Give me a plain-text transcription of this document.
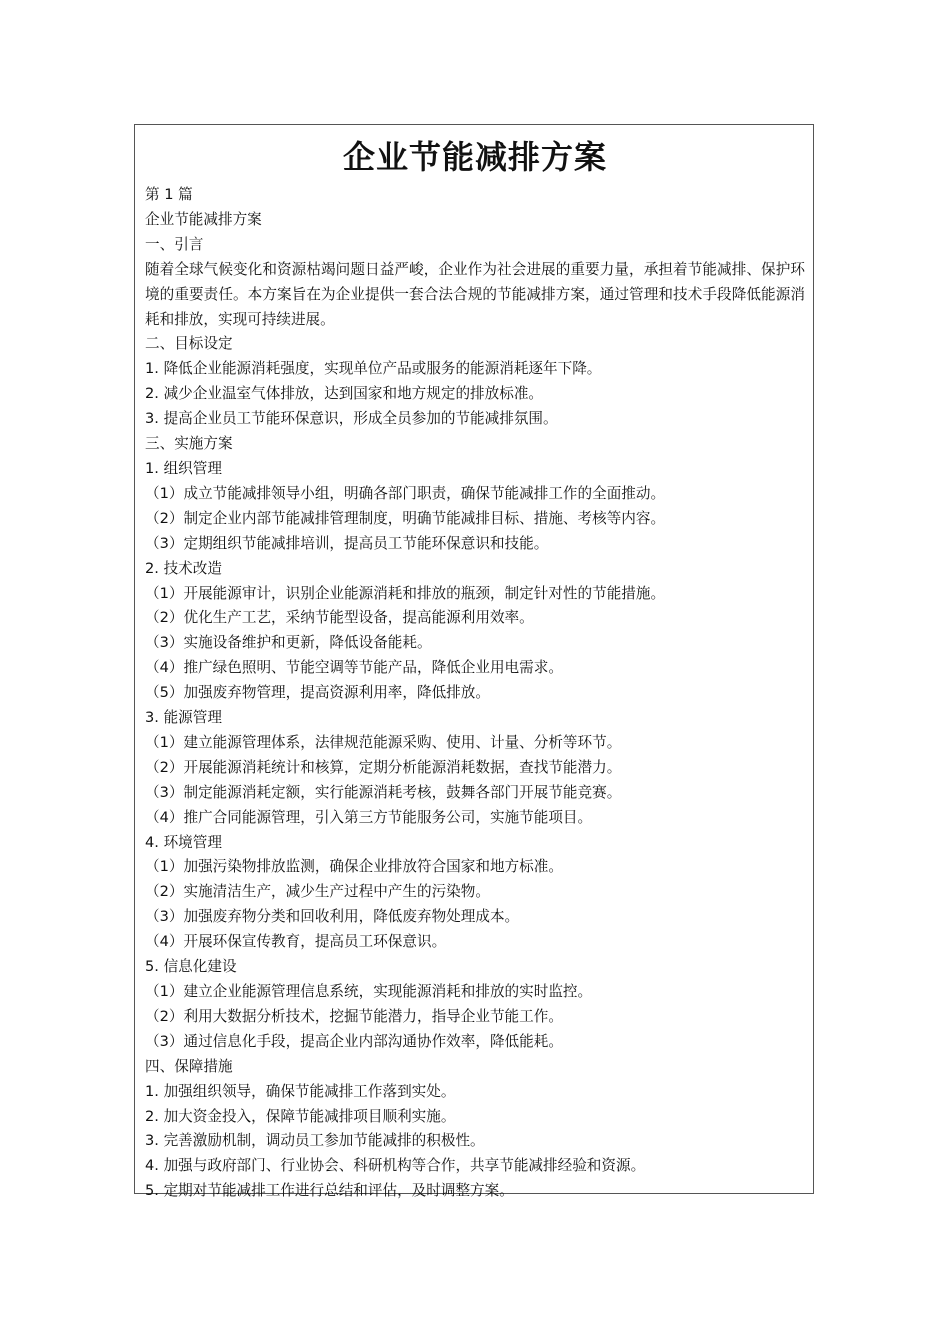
企业节能减排方案
第 1 篇
企业节能减排方案
一、引言

随着全球气候变化和资源枯竭问题日益严峻，企业作为社会进展的重要力量，承担着节能减排、保护环境的重要责任。本方案旨在为企业提供一套合法合规的节能减排方案，通过管理和技术手段降低能源消耗和排放，实现可持续进展。

二、目标设定
1. 降低企业能源消耗强度，实现单位产品或服务的能源消耗逐年下降。
2. 减少企业温室气体排放，达到国家和地方规定的排放标准。
3. 提高企业员工节能环保意识，形成全员参加的节能减排氛围。
三、实施方案
1. 组织管理
（1）成立节能减排领导小组，明确各部门职责，确保节能减排工作的全面推动。
（2）制定企业内部节能减排管理制度，明确节能减排目标、措施、考核等内容。
（3）定期组织节能减排培训，提高员工节能环保意识和技能。
2. 技术改造
（1）开展能源审计，识别企业能源消耗和排放的瓶颈，制定针对性的节能措施。
（2）优化生产工艺，采纳节能型设备，提高能源利用效率。
（3）实施设备维护和更新，降低设备能耗。
（4）推广绿色照明、节能空调等节能产品，降低企业用电需求。
（5）加强废弃物管理，提高资源利用率，降低排放。
3. 能源管理
（1）建立能源管理体系，法律规范能源采购、使用、计量、分析等环节。
（2）开展能源消耗统计和核算，定期分析能源消耗数据，查找节能潜力。
（3）制定能源消耗定额，实行能源消耗考核，鼓舞各部门开展节能竞赛。
（4）推广合同能源管理，引入第三方节能服务公司，实施节能项目。
4. 环境管理
（1）加强污染物排放监测，确保企业排放符合国家和地方标准。
（2）实施清洁生产，减少生产过程中产生的污染物。
（3）加强废弃物分类和回收利用，降低废弃物处理成本。
（4）开展环保宣传教育，提高员工环保意识。
5. 信息化建设
（1）建立企业能源管理信息系统，实现能源消耗和排放的实时监控。
（2）利用大数据分析技术，挖掘节能潜力，指导企业节能工作。
（3）通过信息化手段，提高企业内部沟通协作效率，降低能耗。
四、保障措施
1. 加强组织领导，确保节能减排工作落到实处。
2. 加大资金投入，保障节能减排项目顺利实施。
3. 完善激励机制，调动员工参加节能减排的积极性。
4. 加强与政府部门、行业协会、科研机构等合作，共享节能减排经验和资源。
5. 定期对节能减排工作进行总结和评估，及时调整方案。
